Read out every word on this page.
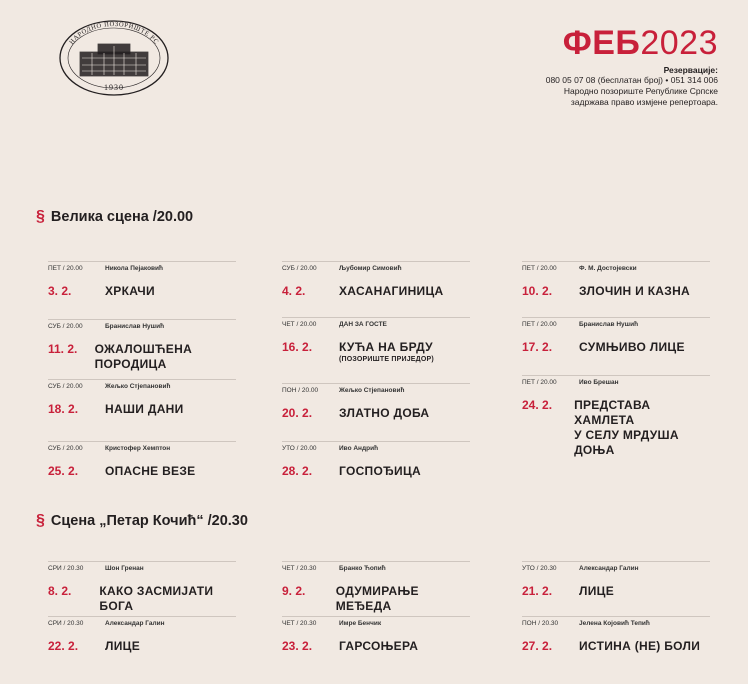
НАРОДНО ПОЗОРИШТЕ РС
1930
ФЕБ2023
Резервације:
080 05 07 08 (бесплатан број) • 051 314 006
Народно позориште Републике Српске
задржава право измјене репертоара.
§ Велика сцена /20.00
§ Сцена „Петар Кочић“ /20.30
ПЕТ / 20.00	Никола Пејаковић
3. 2.	ХРКАЧИ
СУБ / 20.00	Бранислав Нушић
11. 2.	ОЖАЛОШЋЕНА ПОРОДИЦА
СУБ / 20.00	Жељко Стјепановић
18. 2.	НАШИ ДАНИ
СУБ / 20.00	Кристофер Хемптон
25. 2.	ОПАСНЕ ВЕЗЕ
СУБ / 20.00	Љубомир Симовић
4. 2.	ХАСАНАГИНИЦА
ЧЕТ / 20.00	ДАН ЗА ГОСТЕ
16. 2.	КУЋА НА БРДУ
(ПОЗОРИШТЕ ПРИЈЕДОР)
ПОН / 20.00	Жељко Стјепановић
20. 2.	ЗЛАТНО ДОБА
УТО / 20.00	Иво Андрић
28. 2.	ГОСПОЂИЦА
ПЕТ / 20.00	Ф. М. Достојевски
10. 2.	ЗЛОЧИН И КАЗНА
ПЕТ / 20.00	Бранислав Нушић
17. 2.	СУМЊИВО ЛИЦЕ
ПЕТ / 20.00	Иво Брешан
24. 2.	ПРЕДСТАВА ХАМЛЕТА
У СЕЛУ МРДУША ДОЊА
СРИ / 20.30	Шон Гренан
8. 2.	КАКО ЗАСМИЈАТИ БОГА
СРИ / 20.30	Александар Галин
22. 2.	ЛИЦЕ
ЧЕТ / 20.30	Бранко Ћопић
9. 2.	ОДУМИРАЊЕ МЕЂЕДА
ЧЕТ / 20.30	Имре Бенчик
23. 2.	ГАРСОЊЕРА
УТО / 20.30	Александар Галин
21. 2.	ЛИЦЕ
ПОН / 20.30	Јелена Којовић Тепић
27. 2.	ИСТИНА (НЕ) БОЛИ
